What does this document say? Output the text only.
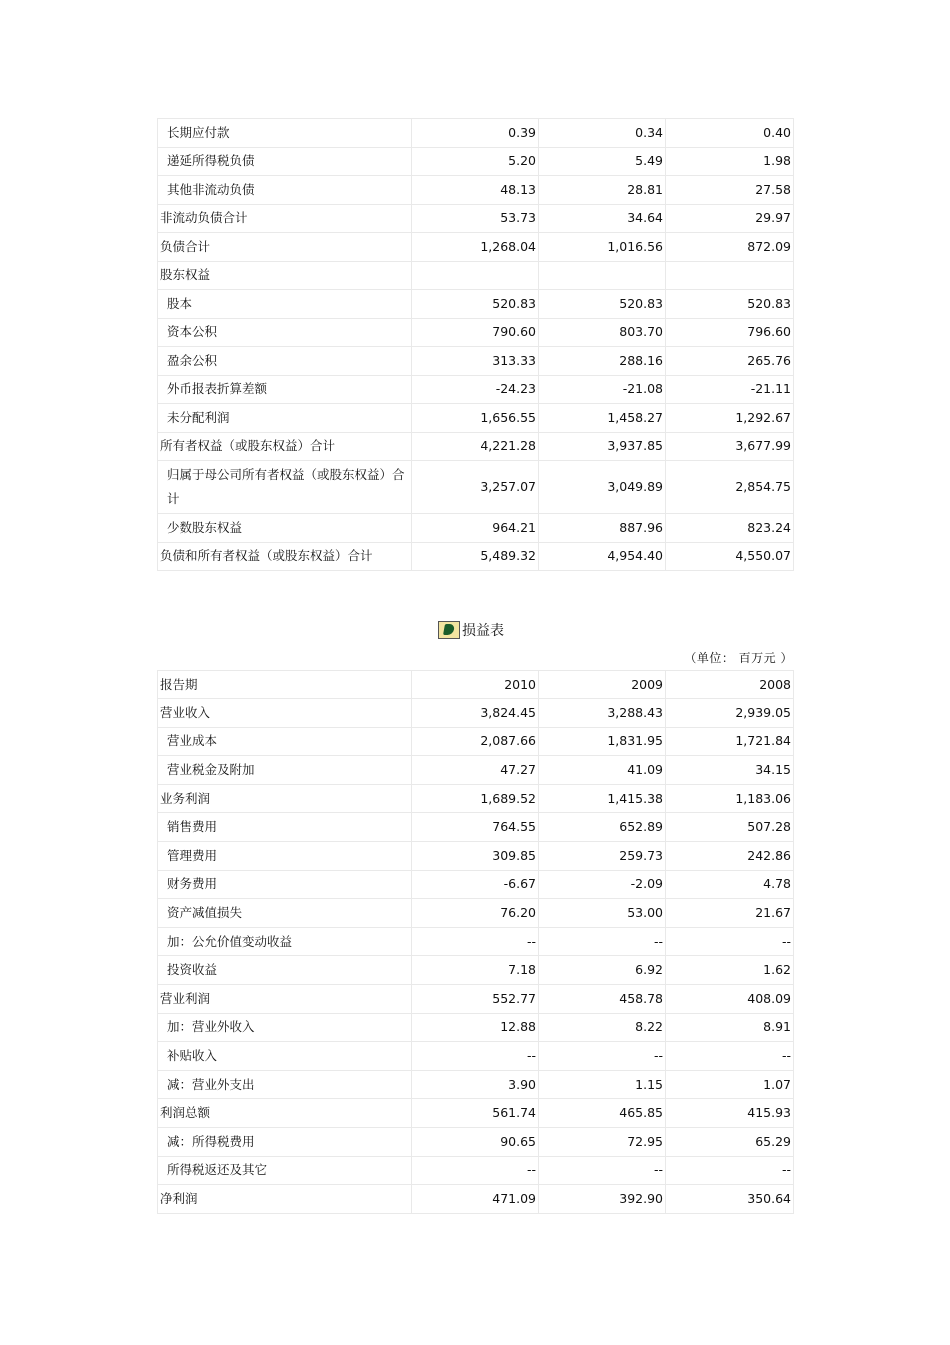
长期应付款	0.39	0.34	0.40
递延所得税负债	5.20	5.49	1.98
其他非流动负债	48.13	28.81	27.58
非流动负债合计	53.73	34.64	29.97
负债合计	1,268.04	1,016.56	872.09
股东权益			
股本	520.83	520.83	520.83
资本公积	790.60	803.70	796.60
盈余公积	313.33	288.16	265.76
外币报表折算差额	-24.23	-21.08	-21.11
未分配利润	1,656.55	1,458.27	1,292.67
所有者权益（或股东权益）合计	4,221.28	3,937.85	3,677.99
归属于母公司所有者权益（或股东权益）合计	3,257.07	3,049.89	2,854.75
少数股东权益	964.21	887.96	823.24
负债和所有者权益（或股东权益）合计	5,489.32	4,954.40	4,550.07
损益表
（单位： 百万元 ）
报告期	2010	2009	2008
营业收入	3,824.45	3,288.43	2,939.05
营业成本	2,087.66	1,831.95	1,721.84
营业税金及附加	47.27	41.09	34.15
业务利润	1,689.52	1,415.38	1,183.06
销售费用	764.55	652.89	507.28
管理费用	309.85	259.73	242.86
财务费用	-6.67	-2.09	4.78
资产减值损失	76.20	53.00	21.67
加：公允价值变动收益	--	--	--
投资收益	7.18	6.92	1.62
营业利润	552.77	458.78	408.09
加：营业外收入	12.88	8.22	8.91
补贴收入	--	--	--
减：营业外支出	3.90	1.15	1.07
利润总额	561.74	465.85	415.93
减：所得税费用	90.65	72.95	65.29
所得税返还及其它	--	--	--
净利润	471.09	392.90	350.64
